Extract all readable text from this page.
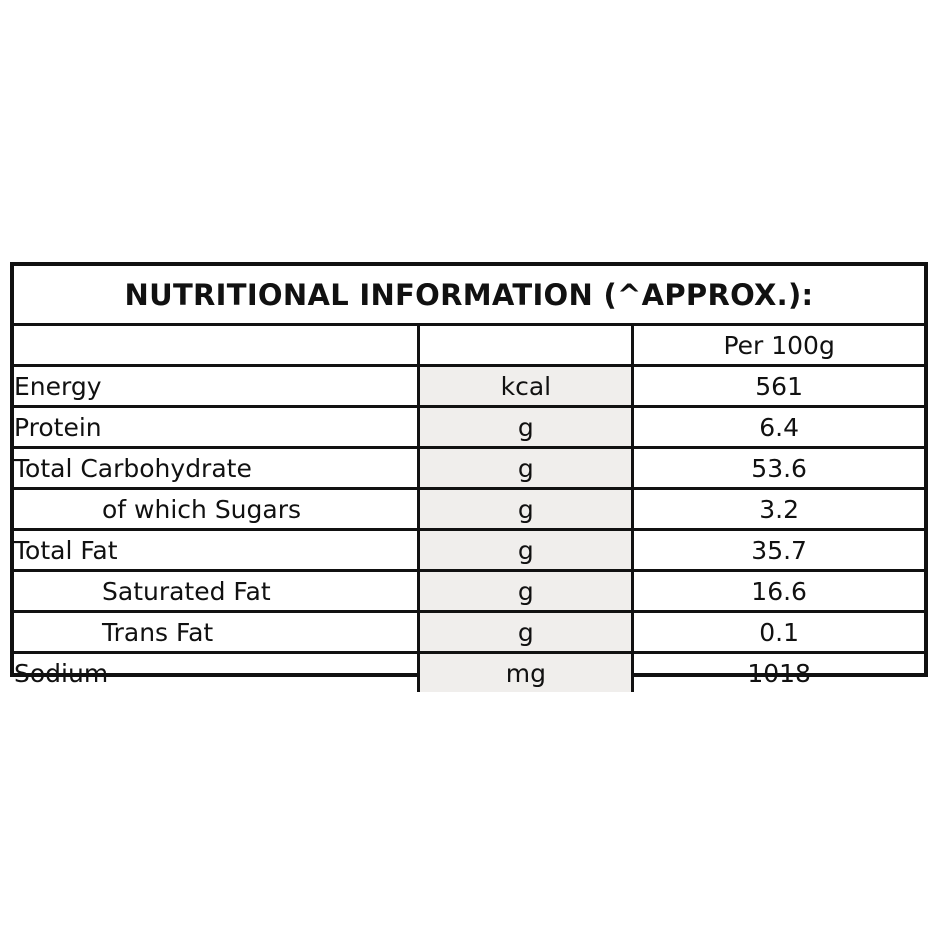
NUTRITIONAL INFORMATION (^APPROX.):
		Per 100g
Energy	kcal	561
Protein	g	6.4
Total Carbohydrate	g	53.6
of which Sugars	g	3.2
Total Fat	g	35.7
Saturated Fat	g	16.6
Trans Fat	g	0.1
Sodium	mg	1018
